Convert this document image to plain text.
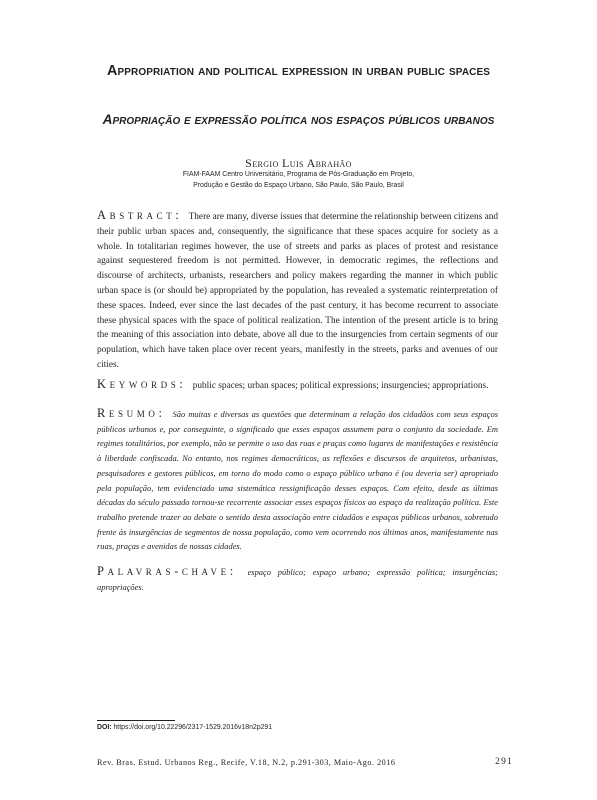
Appropriation and political expression in urban public spaces
Apropriação e expressão política nos espaços públicos urbanos
Sergio Luis Abrahão
FIAM-FAAM Centro Universitário, Programa de Pós-Graduação em Projeto,
Produção e Gestão do Espaço Urbano, São Paulo, São Paulo, Brasil
Abstract: There are many, diverse issues that determine the relationship between citizens and their public urban spaces and, consequently, the significance that these spaces acquire for society as a whole. In totalitarian regimes however, the use of streets and parks as places of protest and resistance against sequestered freedom is not permitted. However, in democratic regimes, the reflections and discourse of architects, urbanists, researchers and policy makers regarding the manner in which public urban space is (or should be) appropriated by the population, has revealed a systematic reinterpretation of these spaces. Indeed, ever since the last decades of the past century, it has become recurrent to associate these physical spaces with the space of political realization. The intention of the present article is to bring the meaning of this association into debate, above all due to the insurgencies from certain segments of our population, which have taken place over recent years, manifestly in the streets, parks and avenues of our cities.
Keywords: public spaces; urban spaces; political expressions; insurgencies; appropriations.
Resumo: São muitas e diversas as questões que determinam a relação dos cidadãos com seus espaços públicos urbanos e, por conseguinte, o significado que esses espaços assumem para o conjunto da sociedade. Em regimes totalitários, por exemplo, não se permite o uso das ruas e praças como lugares de manifestações e resistência à liberdade confiscada. No entanto, nos regimes democráticos, as reflexões e discursos de arquitetos, urbanistas, pesquisadores e gestores públicos, em torno do modo como o espaço público urbano é (ou deveria ser) apropriado pela população, tem evidenciado uma sistemática ressignificação desses espaços. Com efeito, desde as últimas décadas do século passado tornou-se recorrente associar esses espaços físicos ao espaço da realização política. Este trabalho pretende trazer ao debate o sentido desta associação entre cidadãos e espaços públicos urbanos, sobretudo frente às insurgências de segmentos de nossa população, como vem ocorrendo nos últimos anos, manifestamente nas ruas, praças e avenidas de nossas cidades.
Palavras-chave: espaço público; espaço urbano; expressão política; insurgências; apropriações.
DOI: https://doi.org/10.22296/2317-1529.2016v18n2p291
Rev. Bras. Estud. Urbanos Reg., Recife, V.18, N.2, p.291-303, Maio-Ago. 2016	291
